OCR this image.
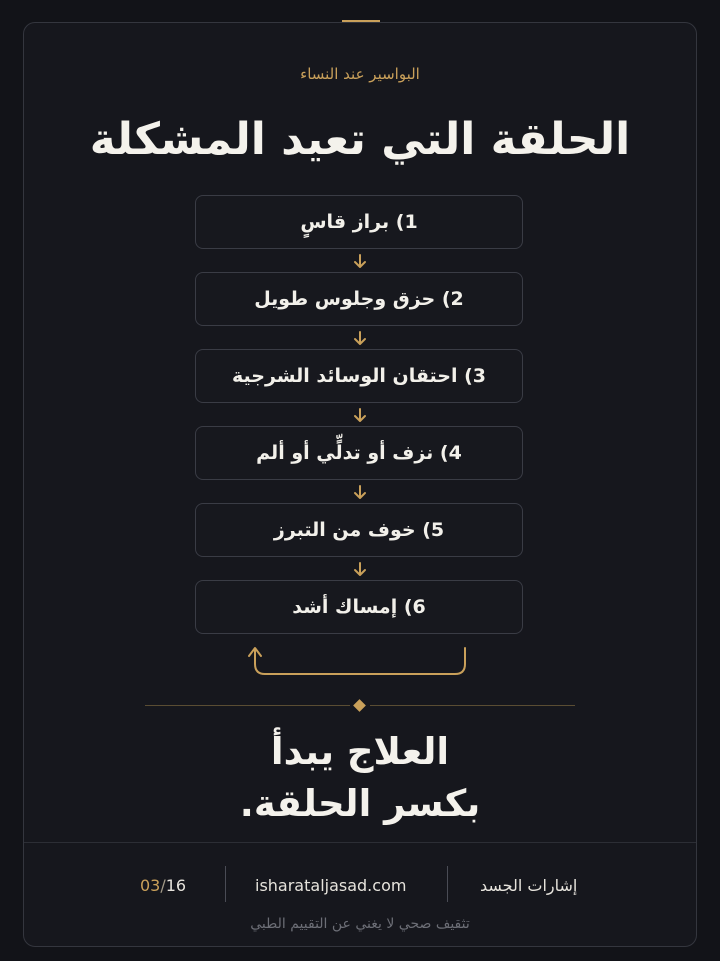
البواسير عند النساء
الحلقة التي تعيد المشكلة
1) براز قاسٍ
2) حزق وجلوس طويل
3) احتقان الوسائد الشرجية
4) نزف أو تدلٍّي أو ألم
5) خوف من التبرز
6) إمساك أشد
العلاج يبدأ
بكسر الحلقة.
03/16	isharataljasad.com	إشارات الجسد
تثقيف صحي لا يغني عن التقييم الطبي
